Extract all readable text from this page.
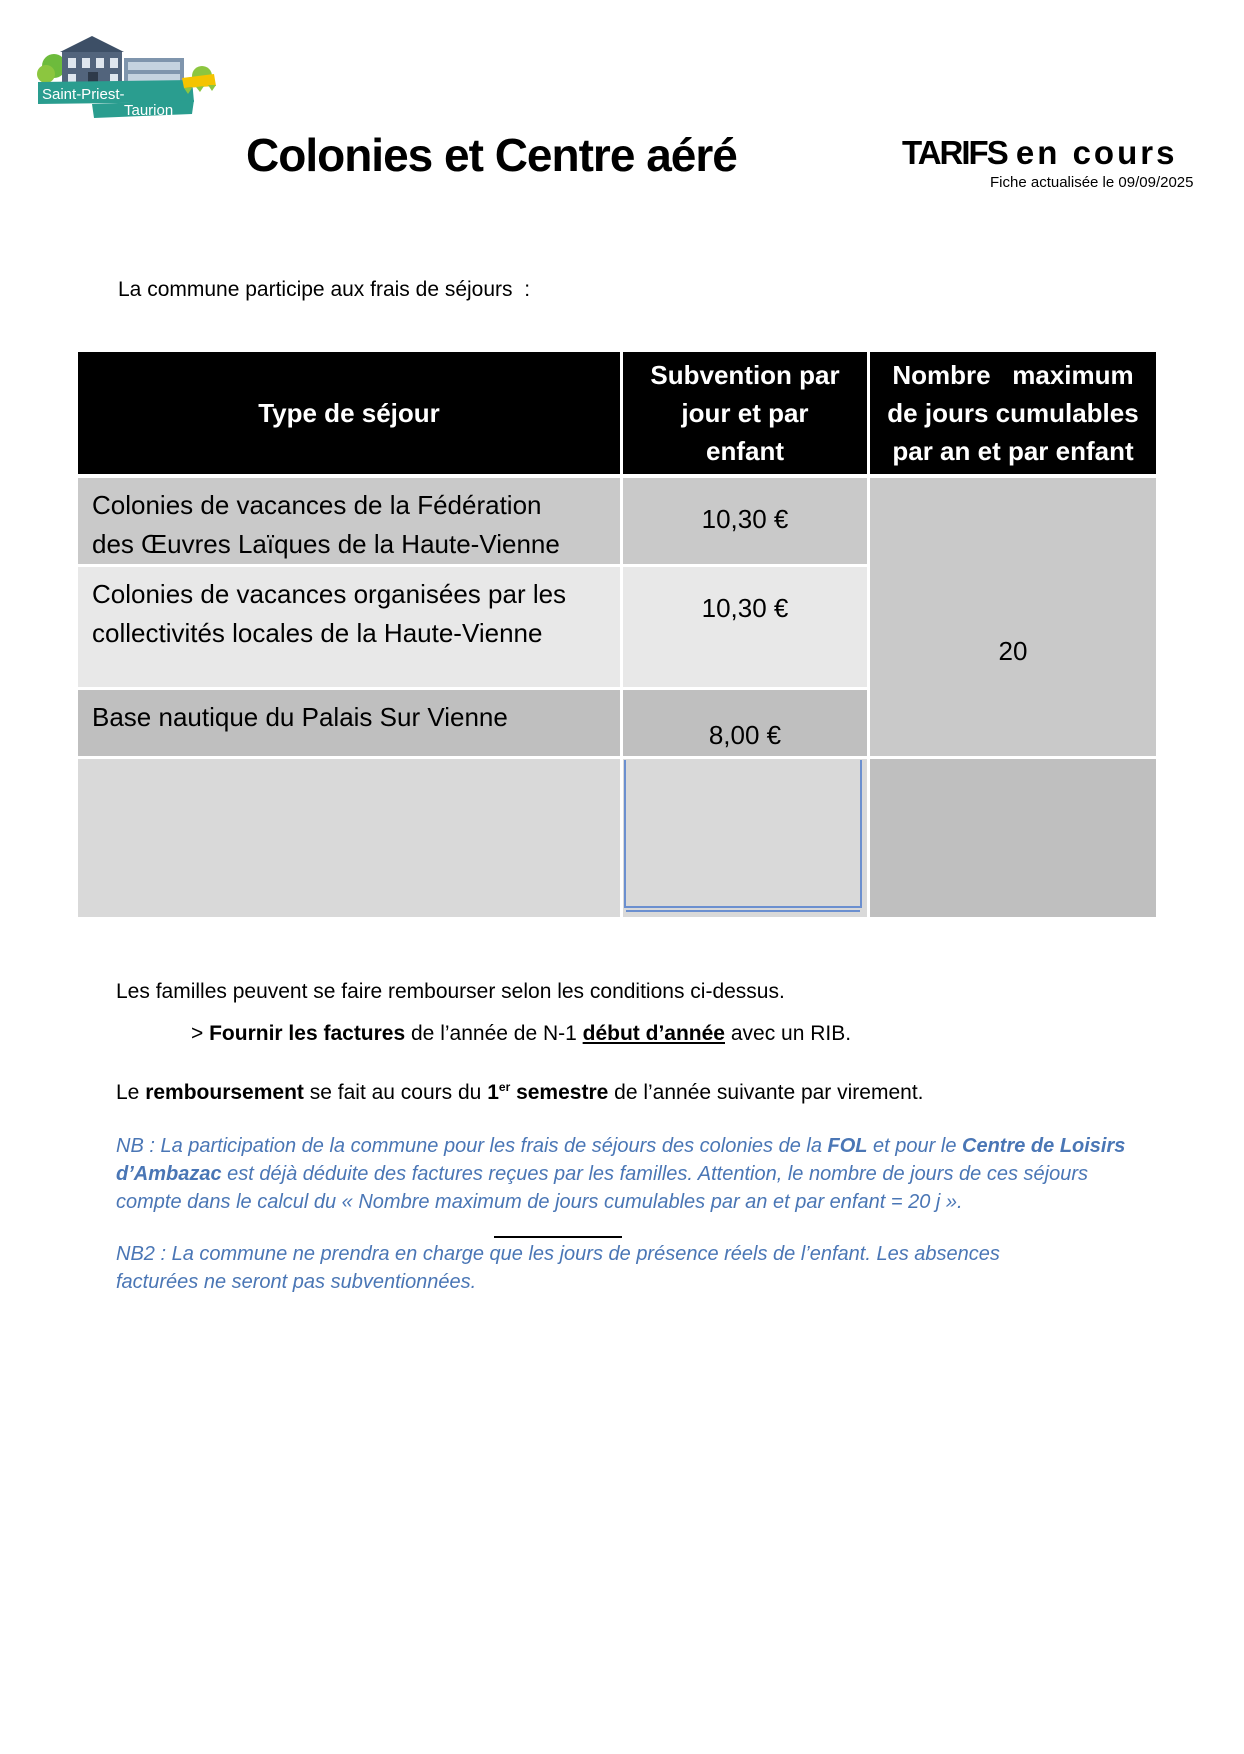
Saint-Priest-
Taurion
Colonies et Centre aéré	TARIFS en cours
Fiche actualisée le 09/09/2025
La commune participe aux frais de séjours  :
Type de séjour
Subvention par
jour et par
enfant
Nombre   maximum
de jours cumulables
par an et par enfant
Colonies de vacances de la Fédération
des Œuvres Laïques de la Haute-Vienne
10,30 €
Colonies de vacances organisées par les
collectivités locales de la Haute-Vienne
10,30 €
Base nautique du Palais Sur Vienne
8,00 €
20
Les familles peuvent se faire rembourser selon les conditions ci-dessus.
> Fournir les factures de l’année de N-1 début d’année avec un RIB.
Le remboursement se fait au cours du 1er semestre de l’année suivante par virement.
NB : La participation de la commune pour les frais de séjours des colonies de la FOL et pour le Centre de Loisirs
d’Ambazac est déjà déduite des factures reçues par les familles. Attention, le nombre de jours de ces séjours
compte dans le calcul du « Nombre maximum de jours cumulables par an et par enfant = 20 j ».
NB2 : La commune ne prendra en charge que les jours de présence réels de l’enfant. Les absences
facturées ne seront pas subventionnées.
